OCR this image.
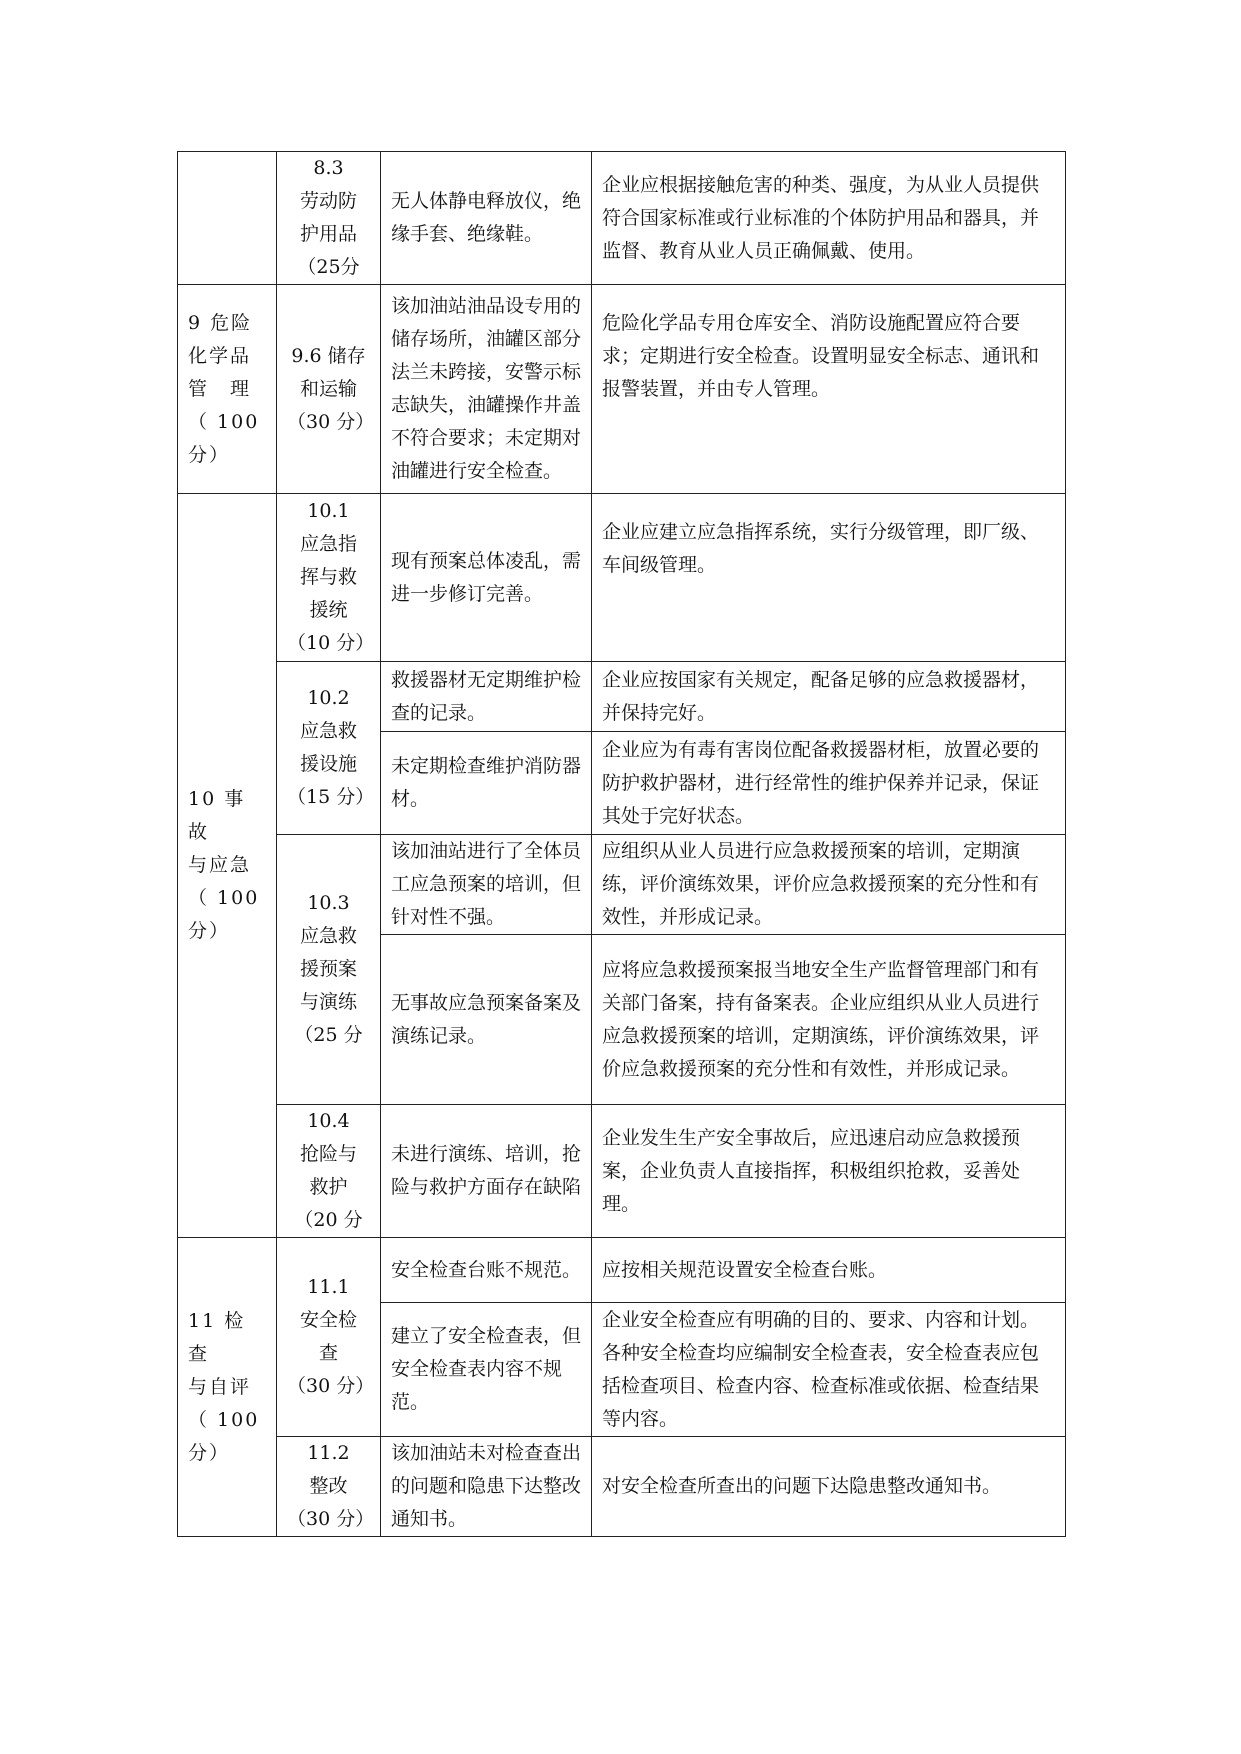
	8.3
劳动防
护用品
（25分	无人体静电释放仪，绝缘手套、绝缘鞋。	企业应根据接触危害的种类、强度，为从业人员提供符合国家标准或行业标准的个体防护用品和器具，并监督、教育从业人员正确佩戴、使用。
9 危险
化学品
管　理
（ 100
分）	9.6 储存
和运输
（30 分）	该加油站油品设专用的储存场所，油罐区部分法兰未跨接，安警示标志缺失，油罐操作井盖不符合要求；未定期对油罐进行安全检查。	危险化学品专用仓库安全、消防设施配置应符合要求；定期进行安全检查。设置明显安全标志、通讯和报警装置，并由专人管理。
10 事故
与应急
（ 100
分）	10.1
应急指
挥与救
援统
（10 分）	现有预案总体凌乱，需进一步修订完善。	企业应建立应急指挥系统，实行分级管理，即厂级、车间级管理。
	10.2
应急救
援设施
（15 分）	救援器材无定期维护检查的记录。	企业应按国家有关规定，配备足够的应急救援器材，并保持完好。
		未定期检查维护消防器材。	企业应为有毒有害岗位配备救援器材柜，放置必要的防护救护器材，进行经常性的维护保养并记录，保证其处于完好状态。
	10.3
应急救
援预案
与演练
（25 分	该加油站进行了全体员工应急预案的培训，但针对性不强。	应组织从业人员进行应急救援预案的培训，定期演练，评价演练效果，评价应急救援预案的充分性和有效性，并形成记录。
		无事故应急预案备案及演练记录。	应将应急救援预案报当地安全生产监督管理部门和有关部门备案，持有备案表。企业应组织从业人员进行应急救援预案的培训，定期演练，评价演练效果，评价应急救援预案的充分性和有效性，并形成记录。
	10.4
抢险与
救护
（20 分	未进行演练、培训，抢险与救护方面存在缺陷	企业发生生产安全事故后，应迅速启动应急救援预案，企业负责人直接指挥，积极组织抢救，妥善处理。
11 检查
与自评
（ 100
分）	11.1
安全检
查
（30 分）	安全检查台账不规范。	应按相关规范设置安全检查台账。
		建立了安全检查表，但安全检查表内容不规范。	企业安全检查应有明确的目的、要求、内容和计划。各种安全检查均应编制安全检查表，安全检查表应包括检查项目、检查内容、检查标准或依据、检查结果等内容。
	11.2
整改
（30 分）	该加油站未对检查查出的问题和隐患下达整改通知书。	对安全检查所查出的问题下达隐患整改通知书。
